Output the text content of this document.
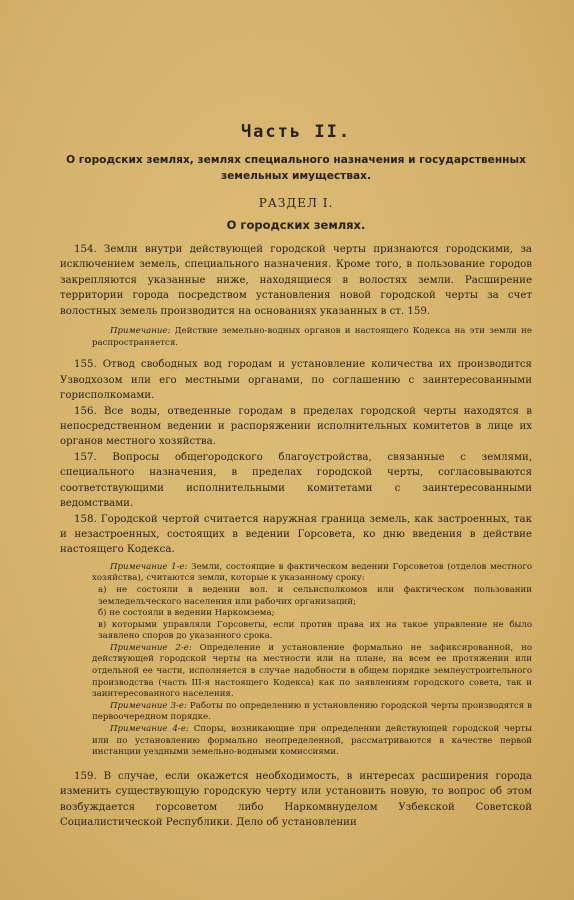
Часть II.
О городских землях, землях специального назначения и государственных земельных имуществах.
РАЗДЕЛ I.
О городских землях.

154. Земли внутри действующей городской черты признаются городскими, за исключением земель, специального назначения. Кроме того, в пользование городов закрепляются указанные ниже, находящиеся в волостях земли. Расширение территории города посредством установления новой городской черты за счет волостных земель производится на основаниях указанных в ст. 159.

Примечание: Действие земельно-водных органов и настоящего Кодекса на эти земли не распространяется.

155. Отвод свободных вод городам и установление количества их производится Узводхозом или его местными органами, по соглашению с заинтересованными горисполкомами.

156. Все воды, отведенные городам в пределах городской черты находятся в непосредственном ведении и распоряжении исполнительных комитетов в лице их органов местного хозяйства.

157. Вопросы общегородского благоустройства, связанные с землями, специального назначения, в пределах городской черты, согласовываются соответствующими исполнительными комитетами с заинтересованными ведомствами.

158. Городской чертой считается наружная граница земель, как застроенных, так и незастроенных, состоящих в ведении Горсовета, ко дню введения в действие настоящего Кодекса.

Примечание 1-е: Земли, состоящие в фактическом ведении Горсоветов (отделов местного хозяйства), считаются земли, которые к указанному сроку:

а) не состояли в ведении вол. и сельисполкомов или фактическом пользовании земледельческого населения или рабочих организаций;

б) не состояли в ведении Наркомзема;

в) которыми управляли Горсоветы, если против права их на такое управление не было заявлено споров до указанного срока.

Примечание 2-е: Определение и установление формально не зафиксированной, но действующей городской черты на местности или на плане, на всем ее протяжении или отдельной ее части, исполняется в случае надобности в общем порядке землеустроительного производства (часть III-я настоящего Кодекса) как по заявлениям городского совета, так и заинтересованного населения.

Примечание 3-е: Работы по определению и установлению городской черты производятся в первоочередном порядке.

Примечание 4-е: Споры, возникающие при определении действующей городской черты или по установлению формально неопределенной, рассматриваются в качестве первой инстанции уездными земельно-водными комиссиями.

159. В случае, если окажется необходимость, в интересах расширения города изменить существующую городскую черту или установить новую, то вопрос об этом возбуждается горсоветом либо Наркомвнуделом Узбекской Советской Социалистической Республики. Дело об установлении
